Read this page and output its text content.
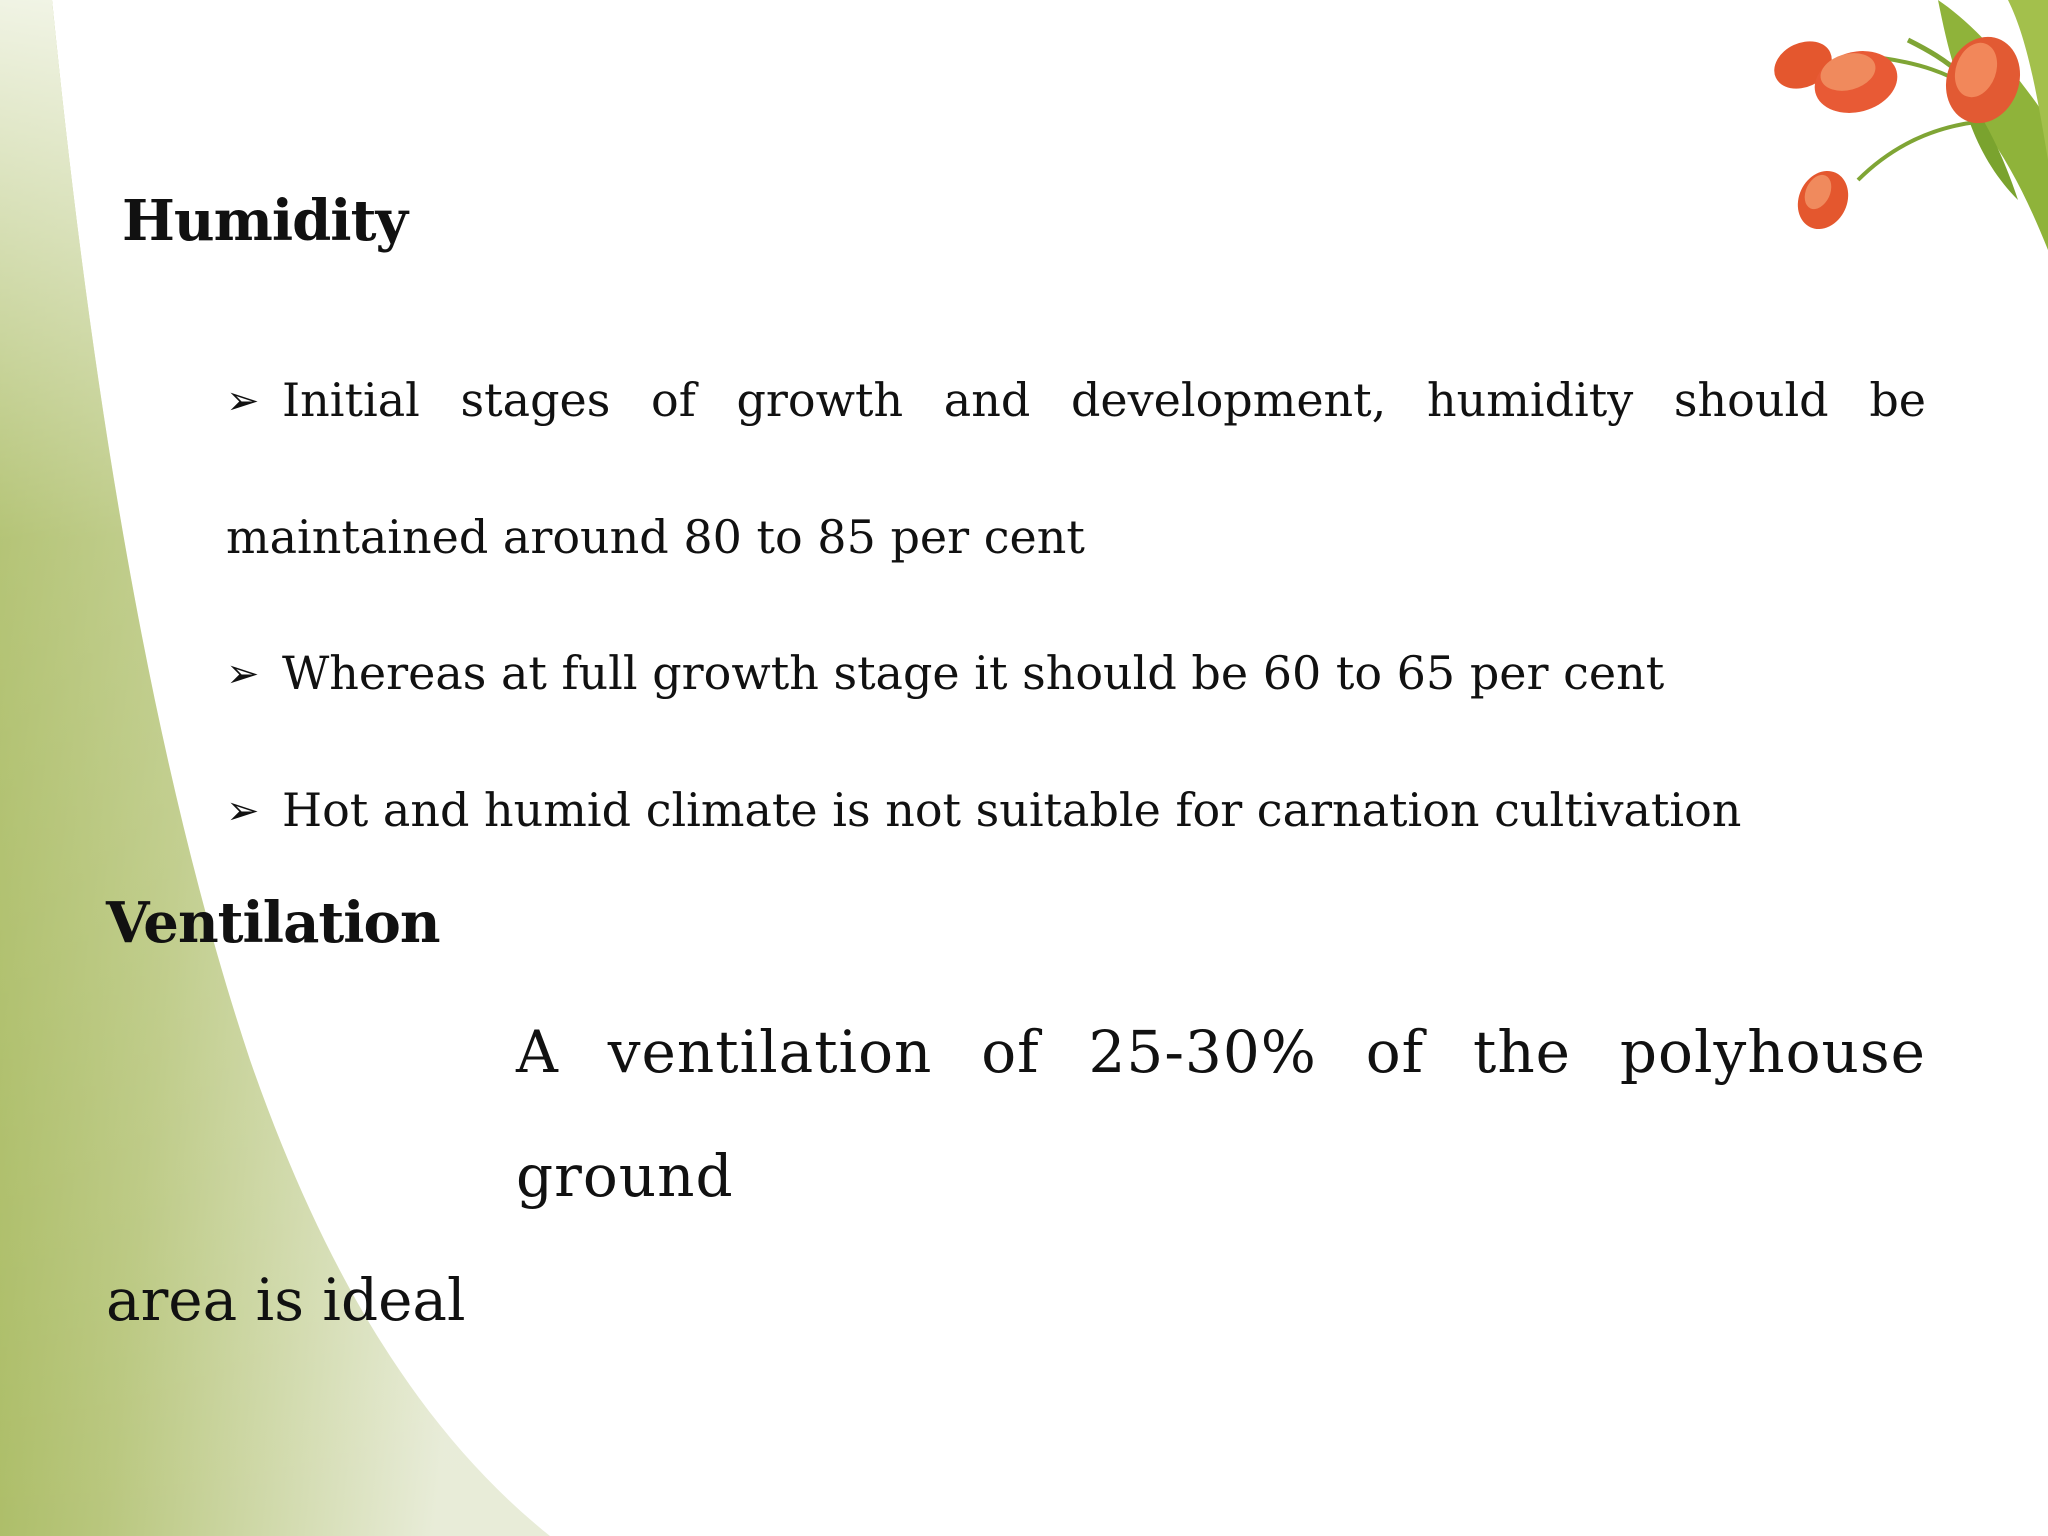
Humidity
➢ Initial stages of growth and development, humidity should be
maintained around 80 to 85 per cent
➢ Whereas at full growth stage it should be 60 to 65 per cent
➢ Hot and humid climate is not suitable for carnation cultivation
Ventilation

A ventilation of 25-30% of the polyhouse ground
area is ideal
